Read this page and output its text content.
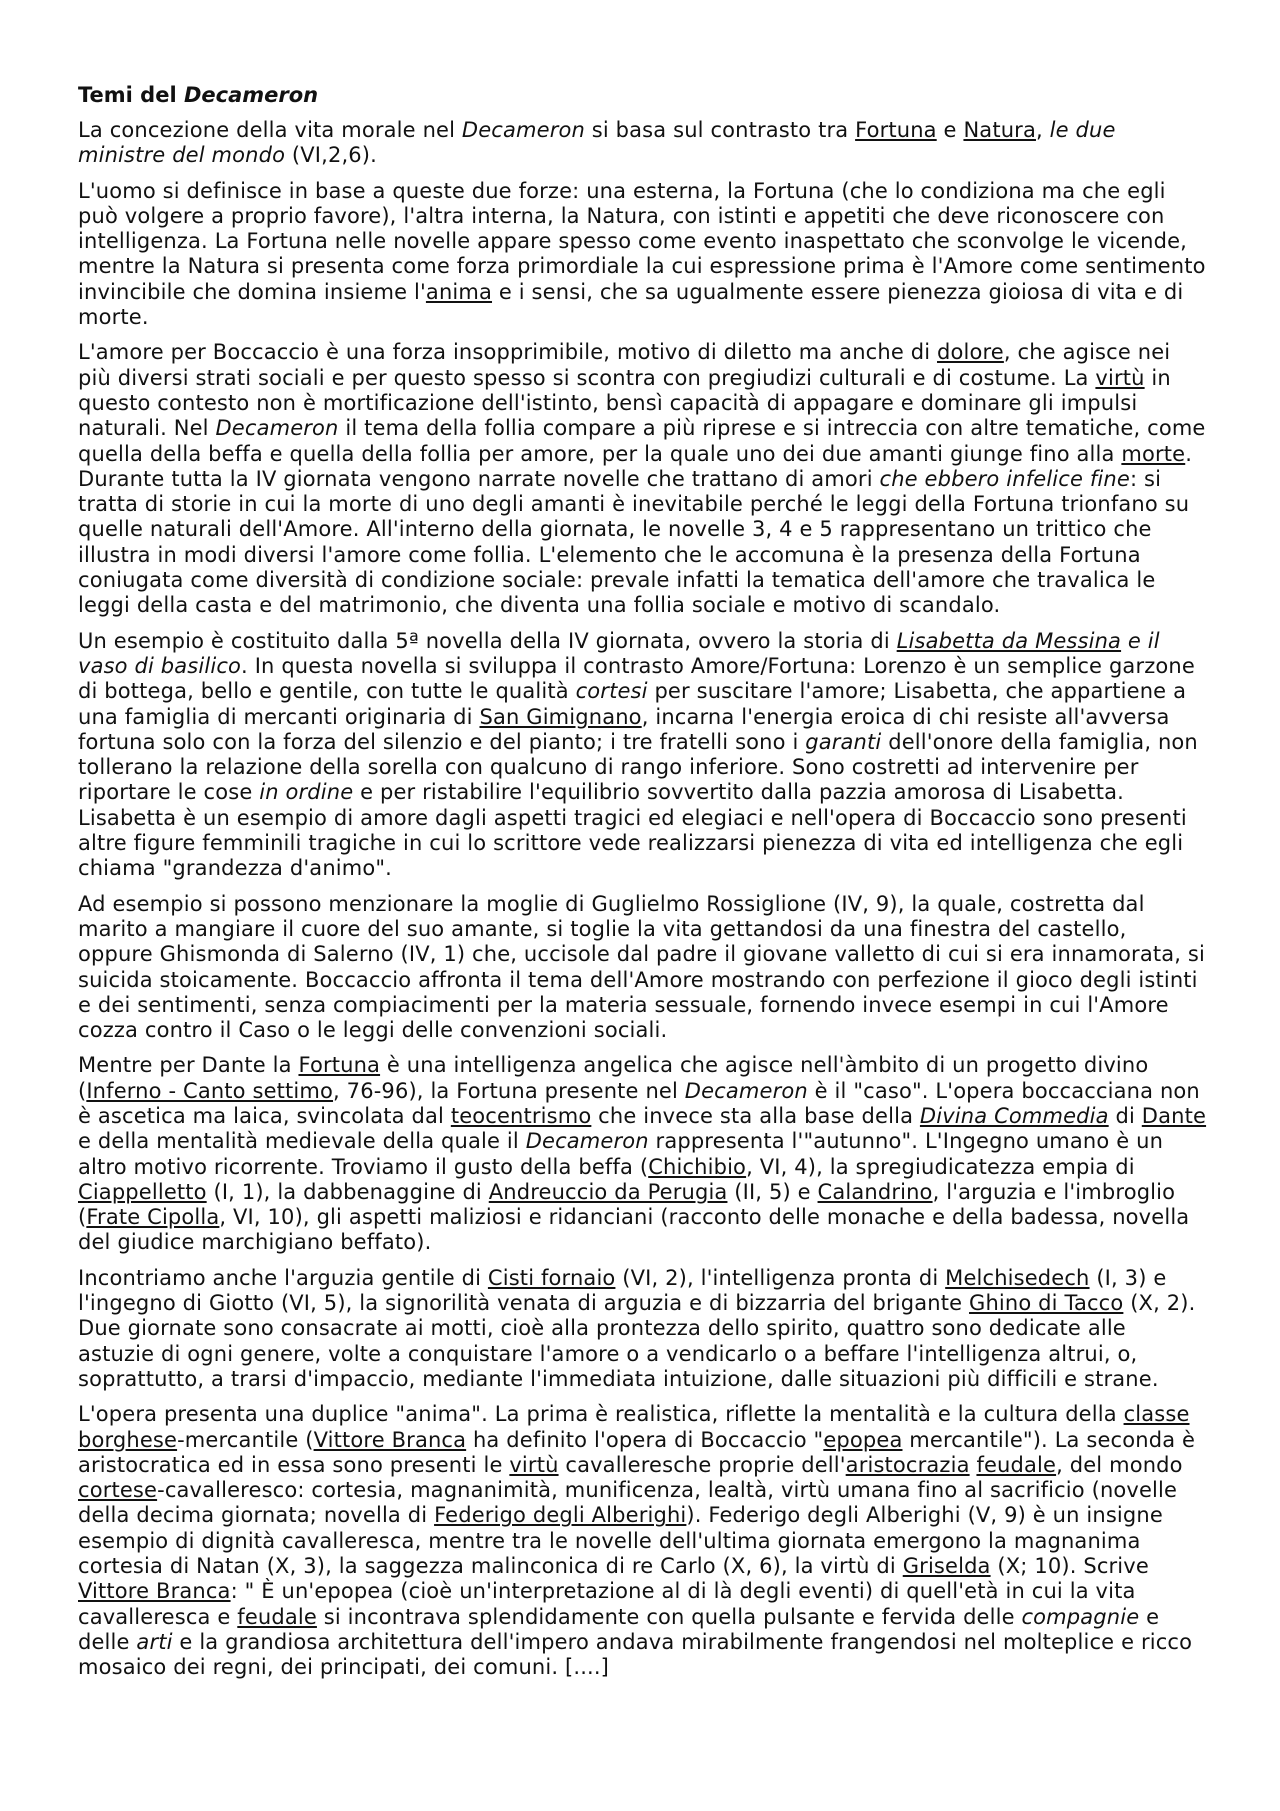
Temi del Decameron

La concezione della vita morale nel Decameron si basa sul contrasto tra Fortuna e Natura, le due ministre del mondo (VI,2,6).

L'uomo si definisce in base a queste due forze: una esterna, la Fortuna (che lo condiziona ma che egli può volgere a proprio favore), l'altra interna, la Natura, con istinti e appetiti che deve riconoscere con intelligenza. La Fortuna nelle novelle appare spesso come evento inaspettato che sconvolge le vicende, mentre la Natura si presenta come forza primordiale la cui espressione prima è l'Amore come sentimento invincibile che domina insieme l'anima e i sensi, che sa ugualmente essere pienezza gioiosa di vita e di morte.

L'amore per Boccaccio è una forza insopprimibile, motivo di diletto ma anche di dolore, che agisce nei più diversi strati sociali e per questo spesso si scontra con pregiudizi culturali e di costume. La virtù in questo contesto non è mortificazione dell'istinto, bensì capacità di appagare e dominare gli impulsi naturali. Nel Decameron il tema della follia compare a più riprese e si intreccia con altre tematiche, come quella della beffa e quella della follia per amore, per la quale uno dei due amanti giunge fino alla morte. Durante tutta la IV giornata vengono narrate novelle che trattano di amori che ebbero infelice fine: si tratta di storie in cui la morte di uno degli amanti è inevitabile perché le leggi della Fortuna trionfano su quelle naturali dell'Amore. All'interno della giornata, le novelle 3, 4 e 5 rappresentano un trittico che illustra in modi diversi l'amore come follia. L'elemento che le accomuna è la presenza della Fortuna coniugata come diversità di condizione sociale: prevale infatti la tematica dell'amore che travalica le leggi della casta e del matrimonio, che diventa una follia sociale e motivo di scandalo.

Un esempio è costituito dalla 5ª novella della IV giornata, ovvero la storia di Lisabetta da Messina e il vaso di basilico. In questa novella si sviluppa il contrasto Amore/Fortuna: Lorenzo è un semplice garzone di bottega, bello e gentile, con tutte le qualità cortesi per suscitare l'amore; Lisabetta, che appartiene a una famiglia di mercanti originaria di San Gimignano, incarna l'energia eroica di chi resiste all'avversa fortuna solo con la forza del silenzio e del pianto; i tre fratelli sono i garanti dell'onore della famiglia, non tollerano la relazione della sorella con qualcuno di rango inferiore. Sono costretti ad intervenire per riportare le cose in ordine e per ristabilire l'equilibrio sovvertito dalla pazzia amorosa di Lisabetta. Lisabetta è un esempio di amore dagli aspetti tragici ed elegiaci e nell'opera di Boccaccio sono presenti altre figure femminili tragiche in cui lo scrittore vede realizzarsi pienezza di vita ed intelligenza che egli chiama "grandezza d'animo".

Ad esempio si possono menzionare la moglie di Guglielmo Rossiglione (IV, 9), la quale, costretta dal marito a mangiare il cuore del suo amante, si toglie la vita gettandosi da una finestra del castello, oppure Ghismonda di Salerno (IV, 1) che, uccisole dal padre il giovane valletto di cui si era innamorata, si suicida stoicamente. Boccaccio affronta il tema dell'Amore mostrando con perfezione il gioco degli istinti e dei sentimenti, senza compiacimenti per la materia sessuale, fornendo invece esempi in cui l'Amore cozza contro il Caso o le leggi delle convenzioni sociali.

Mentre per Dante la Fortuna è una intelligenza angelica che agisce nell'àmbito di un progetto divino (Inferno - Canto settimo, 76-96), la Fortuna presente nel Decameron è il "caso". L'opera boccacciana non è ascetica ma laica, svincolata dal teocentrismo che invece sta alla base della Divina Commedia di Dante e della mentalità medievale della quale il Decameron rappresenta l'"autunno". L'Ingegno umano è un altro motivo ricorrente. Troviamo il gusto della beffa (Chichibio, VI, 4), la spregiudicatezza empia di Ciappelletto (I, 1), la dabbenaggine di Andreuccio da Perugia (II, 5) e Calandrino, l'arguzia e l'imbroglio (Frate Cipolla, VI, 10), gli aspetti maliziosi e ridanciani (racconto delle monache e della badessa, novella del giudice marchigiano beffato).

Incontriamo anche l'arguzia gentile di Cisti fornaio (VI, 2), l'intelligenza pronta di Melchisedech (I, 3) e l'ingegno di Giotto (VI, 5), la signorilità venata di arguzia e di bizzarria del brigante Ghino di Tacco (X, 2). Due giornate sono consacrate ai motti, cioè alla prontezza dello spirito, quattro sono dedicate alle astuzie di ogni genere, volte a conquistare l'amore o a vendicarlo o a beffare l'intelligenza altrui, o, soprattutto, a trarsi d'impaccio, mediante l'immediata intuizione, dalle situazioni più difficili e strane.

L'opera presenta una duplice "anima". La prima è realistica, riflette la mentalità e la cultura della classe borghese-mercantile (Vittore Branca ha definito l'opera di Boccaccio "epopea mercantile"). La seconda è aristocratica ed in essa sono presenti le virtù cavalleresche proprie dell'aristocrazia feudale, del mondo cortese-cavalleresco: cortesia, magnanimità, munificenza, lealtà, virtù umana fino al sacrificio (novelle della decima giornata; novella di Federigo degli Alberighi). Federigo degli Alberighi (V, 9) è un insigne esempio di dignità cavalleresca, mentre tra le novelle dell'ultima giornata emergono la magnanima cortesia di Natan (X, 3), la saggezza malinconica di re Carlo (X, 6), la virtù di Griselda (X; 10). Scrive Vittore Branca: " È un'epopea (cioè un'interpretazione al di là degli eventi) di quell'età in cui la vita cavalleresca e feudale si incontrava splendidamente con quella pulsante e fervida delle compagnie e delle arti e la grandiosa architettura dell'impero andava mirabilmente frangendosi nel molteplice e ricco mosaico dei regni, dei principati, dei comuni. [....]
